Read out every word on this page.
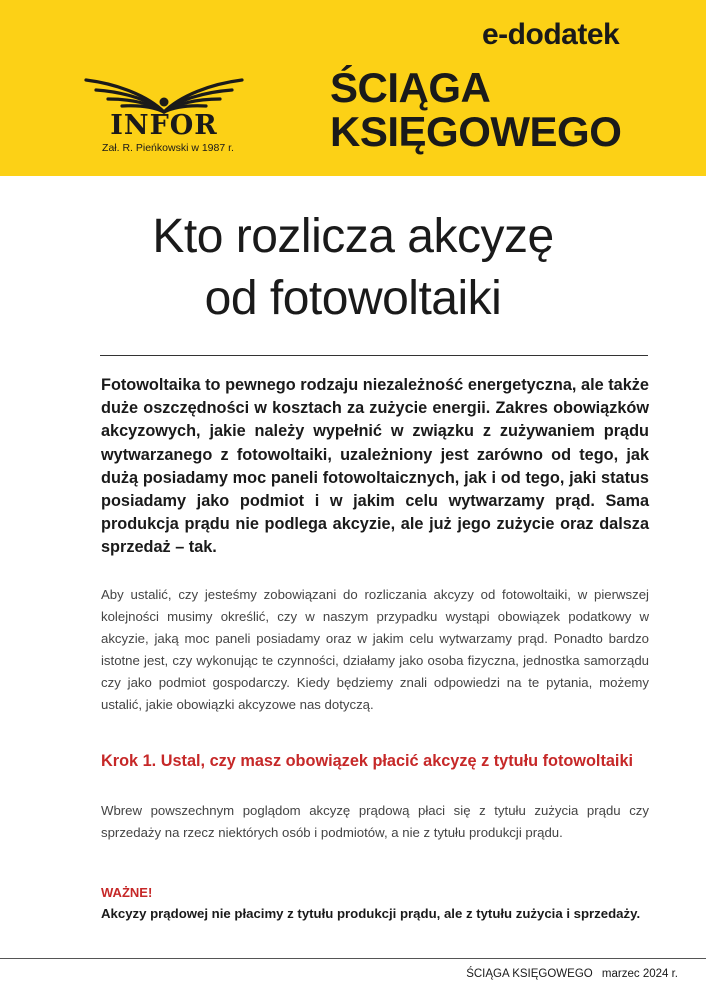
INFOR
Zał. R. Pieńkowski w 1987 r.
e-dodatek
ŚCIĄGA
KSIĘGOWEGO
Kto rozlicza akcyzę
od fotowoltaiki
Fotowoltaika to pewnego rodzaju niezależność energetyczna, ale także duże oszczędności w kosztach za zużycie energii. Zakres obowiązków akcyzowych, jakie należy wypełnić w związku z zużywaniem prądu wytwarzanego z fotowoltaiki, uzależniony jest zarówno od tego, jak dużą posiadamy moc paneli fotowoltaicznych, jak i od tego, jaki status posiadamy jako podmiot i w jakim celu wytwarzamy prąd. Sama produkcja prądu nie podlega akcyzie, ale już jego zużycie oraz dalsza sprzedaż – tak.
Aby ustalić, czy jesteśmy zobowiązani do rozliczania akcyzy od fotowoltaiki, w pierwszej kolejności musimy określić, czy w naszym przypadku wystąpi obowiązek podatkowy w akcyzie, jaką moc paneli posiadamy oraz w jakim celu wytwarzamy prąd. Ponadto bardzo istotne jest, czy wykonując te czynności, działamy jako osoba fizyczna, jednostka samorządu czy jako podmiot gospodarczy. Kiedy będziemy znali odpowiedzi na te pytania, możemy ustalić, jakie obowiązki akcyzowe nas dotyczą.
Krok 1. Ustal, czy masz obowiązek płacić akcyzę z tytułu fotowoltaiki
Wbrew powszechnym poglądom akcyzę prądową płaci się z tytułu zużycia prądu czy sprzedaży na rzecz niektórych osób i podmiotów, a nie z tytułu produkcji prądu.
WAŻNE!
Akcyzy prądowej nie płacimy z tytułu produkcji prądu, ale z tytułu zużycia i sprzedaży.
ŚCIĄGA KSIĘGOWEGO marzec 2024 r.
